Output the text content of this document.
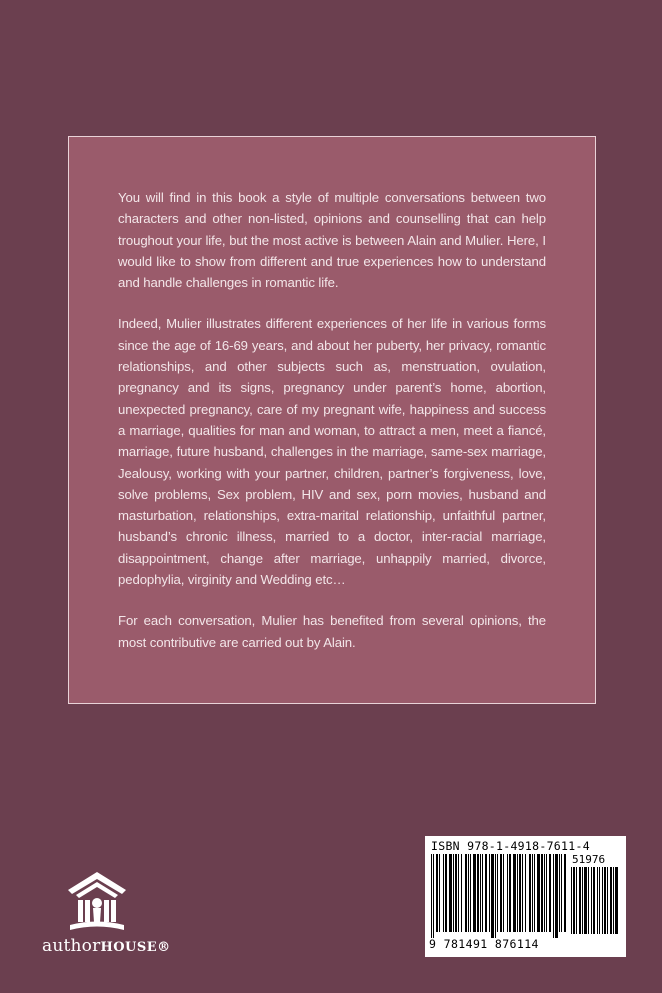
You will find in this book a style of multiple conversations between two characters and other non-listed, opinions and counselling that can help troughout your life, but the most active is between Alain and Mulier. Here, I would like to show from different and true experiences how to understand and handle challenges in romantic life.

Indeed, Mulier illustrates different experiences of her life in various forms since the age of 16-69 years, and about her puberty, her privacy, romantic relationships, and other subjects such as, menstruation, ovulation, pregnancy and its signs, pregnancy under parent’s home, abortion, unexpected pregnancy, care of my pregnant wife, happiness and success a marriage, qualities for man and woman, to attract a men, meet a fiancé, marriage, future husband, challenges in the marriage, same-sex marriage, Jealousy, working with your partner, children, partner’s forgiveness, love, solve problems, Sex problem, HIV and sex, porn movies, husband and masturbation, relationships, extra-marital relationship, unfaithful partner, husband’s chronic illness, married to a doctor, inter-racial marriage, disappointment, change after marriage, unhappily married, divorce, pedophylia, virginity and Wedding etc…

For each conversation, Mulier has benefited from several opinions, the most contributive are carried out by Alain.

authorHOUSE®
ISBN 978-1-4918-7611-4
51976
9 781491 876114
